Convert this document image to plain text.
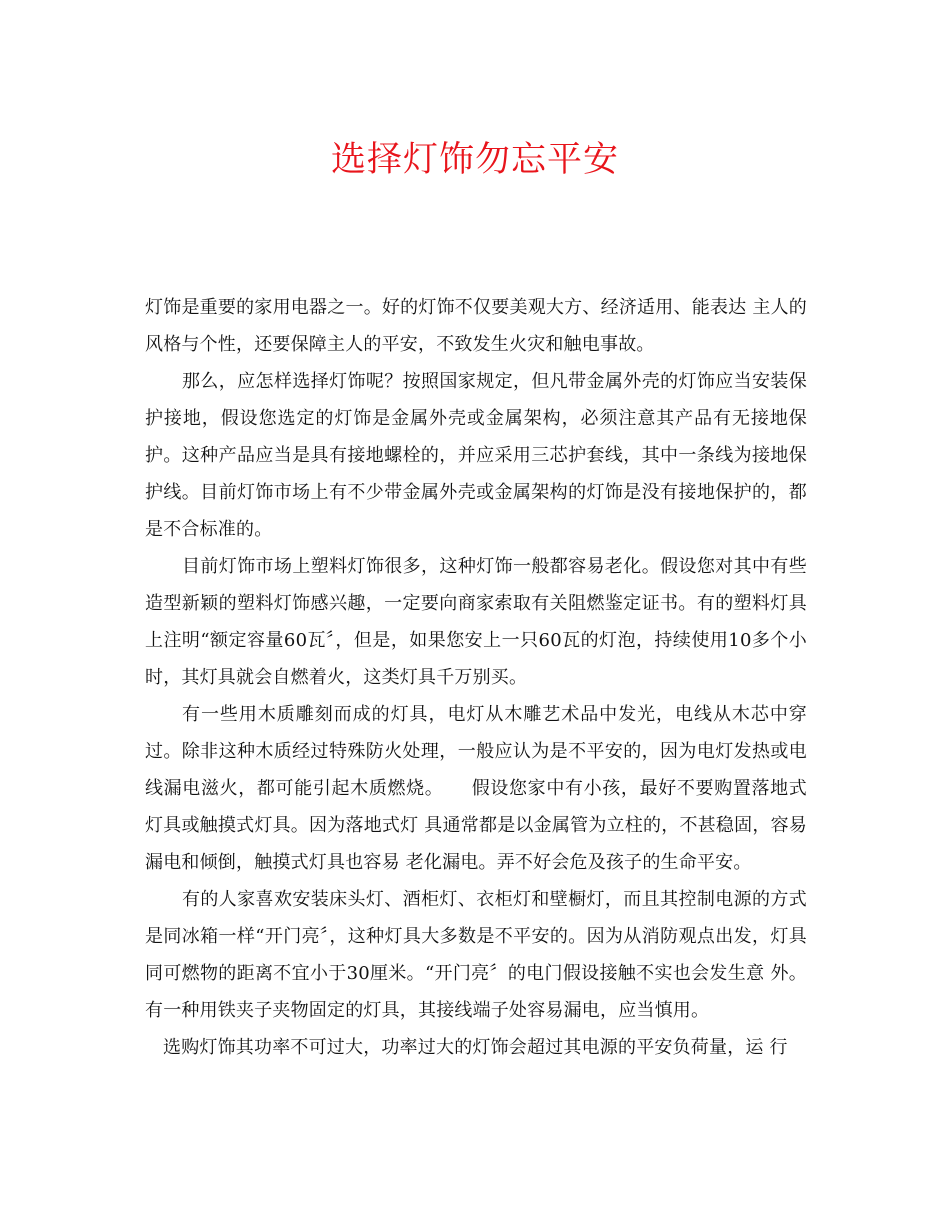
选择灯饰勿忘平安

灯饰是重要的家用电器之一。好的灯饰不仅要美观大方、经济适用、能表达 主人的风格与个性，还要保障主人的平安，不致发生火灾和触电事故。

那么，应怎样选择灯饰呢？按照国家规定，但凡带金属外壳的灯饰应当安装保护接地，假设您选定的灯饰是金属外壳或金属架构，必须注意其产品有无接地保护。这种产品应当是具有接地螺栓的，并应采用三芯护套线，其中一条线为接地保护线。目前灯饰市场上有不少带金属外壳或金属架构的灯饰是没有接地保护的，都是不合标准的。

目前灯饰市场上塑料灯饰很多，这种灯饰一般都容易老化。假设您对其中有些造型新颖的塑料灯饰感兴趣，一定要向商家索取有关阻燃鉴定证书。有的塑料灯具上注明“额定容量60瓦〞，但是，如果您安上一只60瓦的灯泡，持续使用10多个小时，其灯具就会自燃着火，这类灯具千万别买。

有一些用木质雕刻而成的灯具，电灯从木雕艺术品中发光，电线从木芯中穿过。除非这种木质经过特殊防火处理，一般应认为是不平安的，因为电灯发热或电线漏电滋火，都可能引起木质燃烧。　　假设您家中有小孩，最好不要购置落地式灯具或触摸式灯具。因为落地式灯 具通常都是以金属管为立柱的，不甚稳固，容易漏电和倾倒，触摸式灯具也容易 老化漏电。弄不好会危及孩子的生命平安。

有的人家喜欢安装床头灯、酒柜灯、衣柜灯和壁橱灯，而且其控制电源的方式是同冰箱一样“开门亮〞，这种灯具大多数是不平安的。因为从消防观点出发，灯具同可燃物的距离不宜小于30厘米。“开门亮〞的电门假设接触不实也会发生意 外。有一种用铁夹子夹物固定的灯具，其接线端子处容易漏电，应当慎用。

选购灯饰其功率不可过大，功率过大的灯饰会超过其电源的平安负荷量，运 行
